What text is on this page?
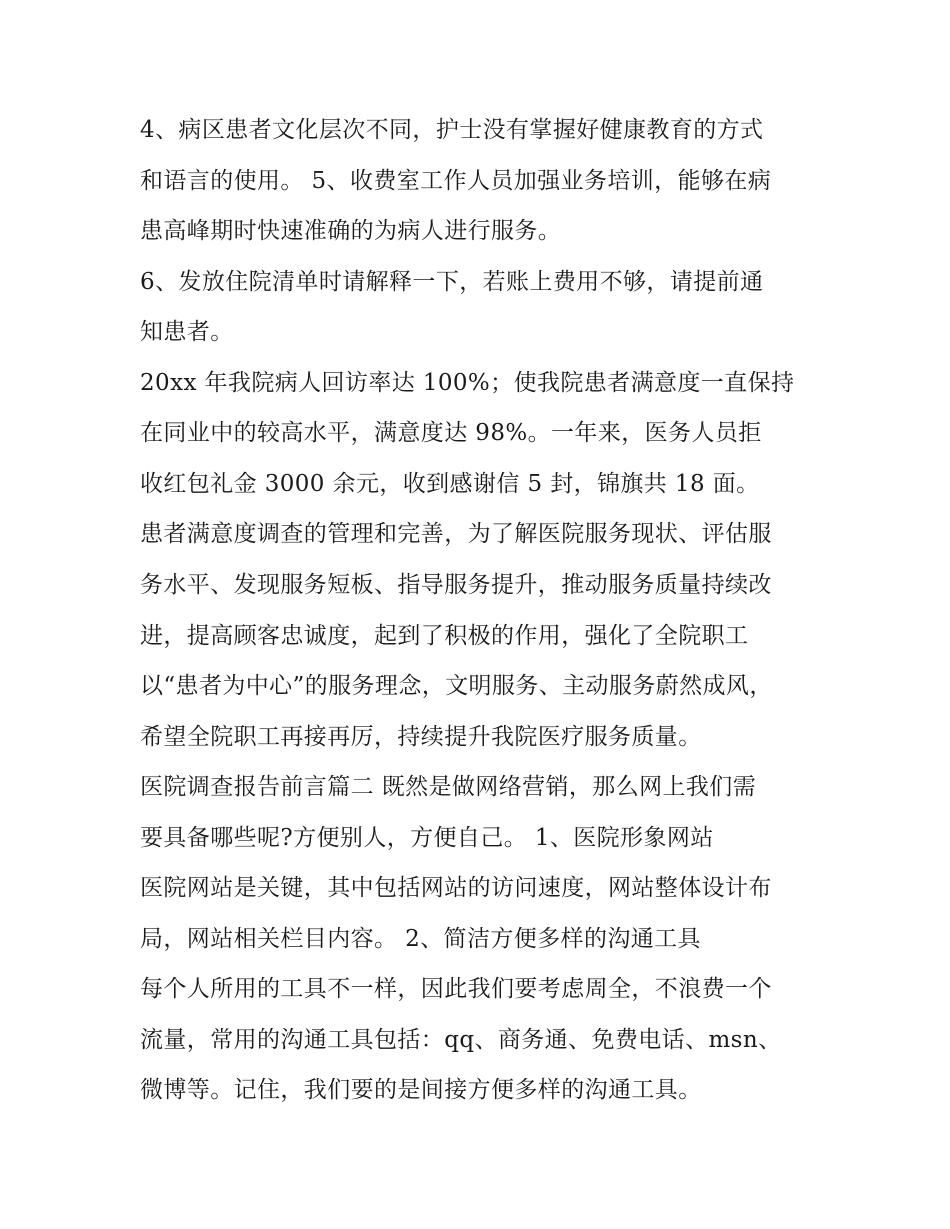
4、病区患者文化层次不同，护士没有掌握好健康教育的方式
和语言的使用。 5、收费室工作人员加强业务培训，能够在病
患高峰期时快速准确的为病人进行服务。
6、发放住院清单时请解释一下，若账上费用不够，请提前通
知患者。
20xx 年我院病人回访率达 100%；使我院患者满意度一直保持
在同业中的较高水平，满意度达 98%。一年来，医务人员拒
收红包礼金 3000 余元，收到感谢信 5 封，锦旗共 18 面。
患者满意度调查的管理和完善，为了解医院服务现状、评估服
务水平、发现服务短板、指导服务提升，推动服务质量持续改
进，提高顾客忠诚度，起到了积极的作用，强化了全院职工
以“患者为中心”的服务理念，文明服务、主动服务蔚然成风，
希望全院职工再接再厉，持续提升我院医疗服务质量。
医院调查报告前言篇二 既然是做网络营销，那么网上我们需
要具备哪些呢?方便别人，方便自己。 1、医院形象网站
医院网站是关键，其中包括网站的访问速度，网站整体设计布
局，网站相关栏目内容。 2、简洁方便多样的沟通工具
每个人所用的工具不一样，因此我们要考虑周全，不浪费一个
流量，常用的沟通工具包括：qq、商务通、免费电话、msn、
微博等。记住，我们要的是间接方便多样的沟通工具。
